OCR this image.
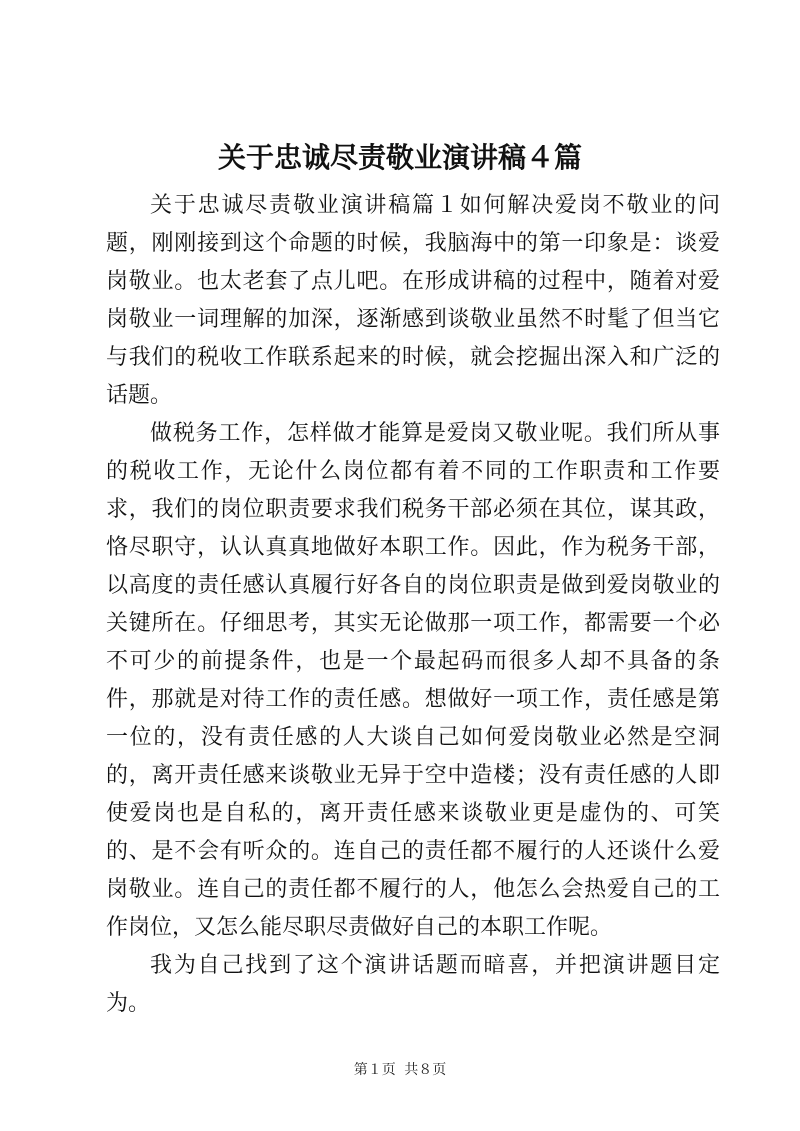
关于忠诚尽责敬业演讲稿４篇

关于忠诚尽责敬业演讲稿篇１如何解决爱岗不敬业的问题，刚刚接到这个命题的时候，我脑海中的第一印象是：谈爱岗敬业。也太老套了点儿吧。在形成讲稿的过程中，随着对爱岗敬业一词理解的加深，逐渐感到谈敬业虽然不时髦了但当它与我们的税收工作联系起来的时候，就会挖掘出深入和广泛的话题。

做税务工作，怎样做才能算是爱岗又敬业呢。我们所从事的税收工作，无论什么岗位都有着不同的工作职责和工作要求，我们的岗位职责要求我们税务干部必须在其位，谋其政，恪尽职守，认认真真地做好本职工作。因此，作为税务干部，以高度的责任感认真履行好各自的岗位职责是做到爱岗敬业的关键所在。仔细思考，其实无论做那一项工作，都需要一个必不可少的前提条件，也是一个最起码而很多人却不具备的条件，那就是对待工作的责任感。想做好一项工作，责任感是第一位的，没有责任感的人大谈自己如何爱岗敬业必然是空洞的，离开责任感来谈敬业无异于空中造楼；没有责任感的人即使爱岗也是自私的，离开责任感来谈敬业更是虚伪的、可笑的、是不会有听众的。连自己的责任都不履行的人还谈什么爱岗敬业。连自己的责任都不履行的人，他怎么会热爱自己的工作岗位，又怎么能尽职尽责做好自己的本职工作呢。

我为自己找到了这个演讲话题而暗喜，并把演讲题目定为。

第１页 共８页
